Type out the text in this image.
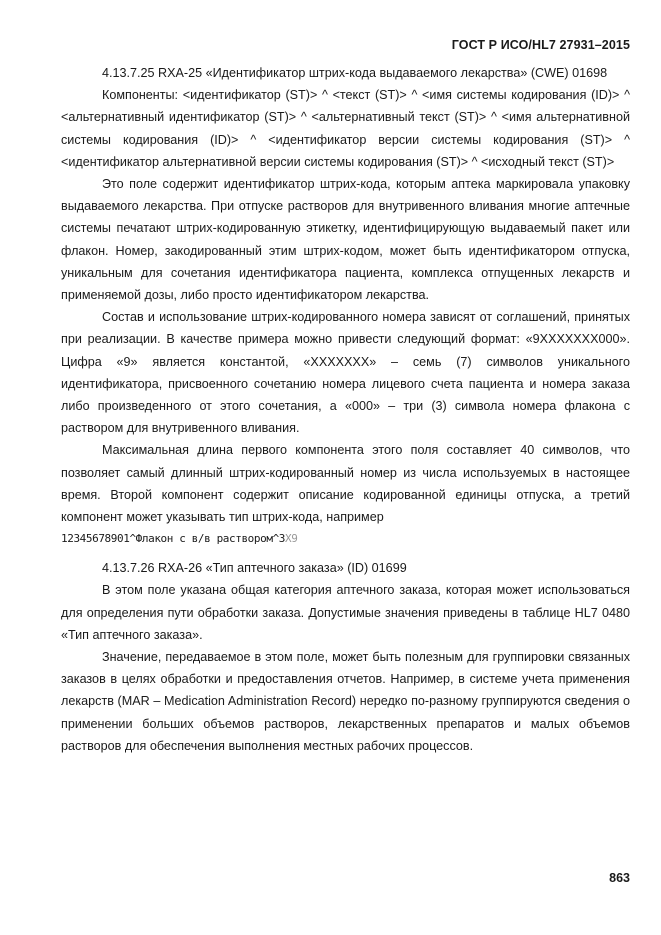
ГОСТ Р ИСО/HL7 27931–2015

4.13.7.25 RXA-25 «Идентификатор штрих-кода выдаваемого лекарства» (CWE) 01698

Компоненты: <идентификатор (ST)> ^ <текст (ST)> ^ <имя системы кодирования (ID)> ^ <альтернативный идентификатор (ST)> ^ <альтернативный текст (ST)> ^ <имя альтернативной системы кодирования (ID)> ^ <идентификатор версии системы кодирования (ST)> ^ <идентификатор альтернативной версии системы кодирования (ST)> ^ <исходный текст (ST)>

Это поле содержит идентификатор штрих-кода, которым аптека маркировала упаковку выдаваемого лекарства. При отпуске растворов для внутривенного вливания многие аптечные системы печатают штрих-кодированную этикетку, идентифицирующую выдаваемый пакет или флакон. Номер, закодированный этим штрих-кодом, может быть идентификатором отпуска, уникальным для сочетания идентификатора пациента, комплекса отпущенных лекарств и применяемой дозы, либо просто идентификатором лекарства.

Состав и использование штрих-кодированного номера зависят от соглашений, принятых при реализации. В качестве примера можно привести следующий формат: «9XXXXXXX000». Цифра «9» является константой, «XXXXXXX» – семь (7) символов уникального идентификатора, присвоенного сочетанию номера лицевого счета пациента и номера заказа либо произведенного от этого сочетания, а «000» – три (3) символа номера флакона с раствором для внутривенного вливания.

Максимальная длина первого компонента этого поля составляет 40 символов, что позволяет самый длинный штрих-кодированный номер из числа используемых в настоящее время. Второй компонент содержит описание кодированной единицы отпуска, а третий компонент может указывать тип штрих-кода, например

12345678901^Флакон с в/в раствором^3X9

4.13.7.26 RXA-26 «Тип аптечного заказа» (ID) 01699

В этом поле указана общая категория аптечного заказа, которая может использоваться для определения пути обработки заказа. Допустимые значения приведены в таблице HL7 0480 «Тип аптечного заказа».

Значение, передаваемое в этом поле, может быть полезным для группировки связанных заказов в целях обработки и предоставления отчетов. Например, в системе учета применения лекарств (MAR – Medication Administration Record) нередко по-разному группируются сведения о применении больших объемов растворов, лекарственных препаратов и малых объемов растворов для обеспечения выполнения местных рабочих процессов.

863
